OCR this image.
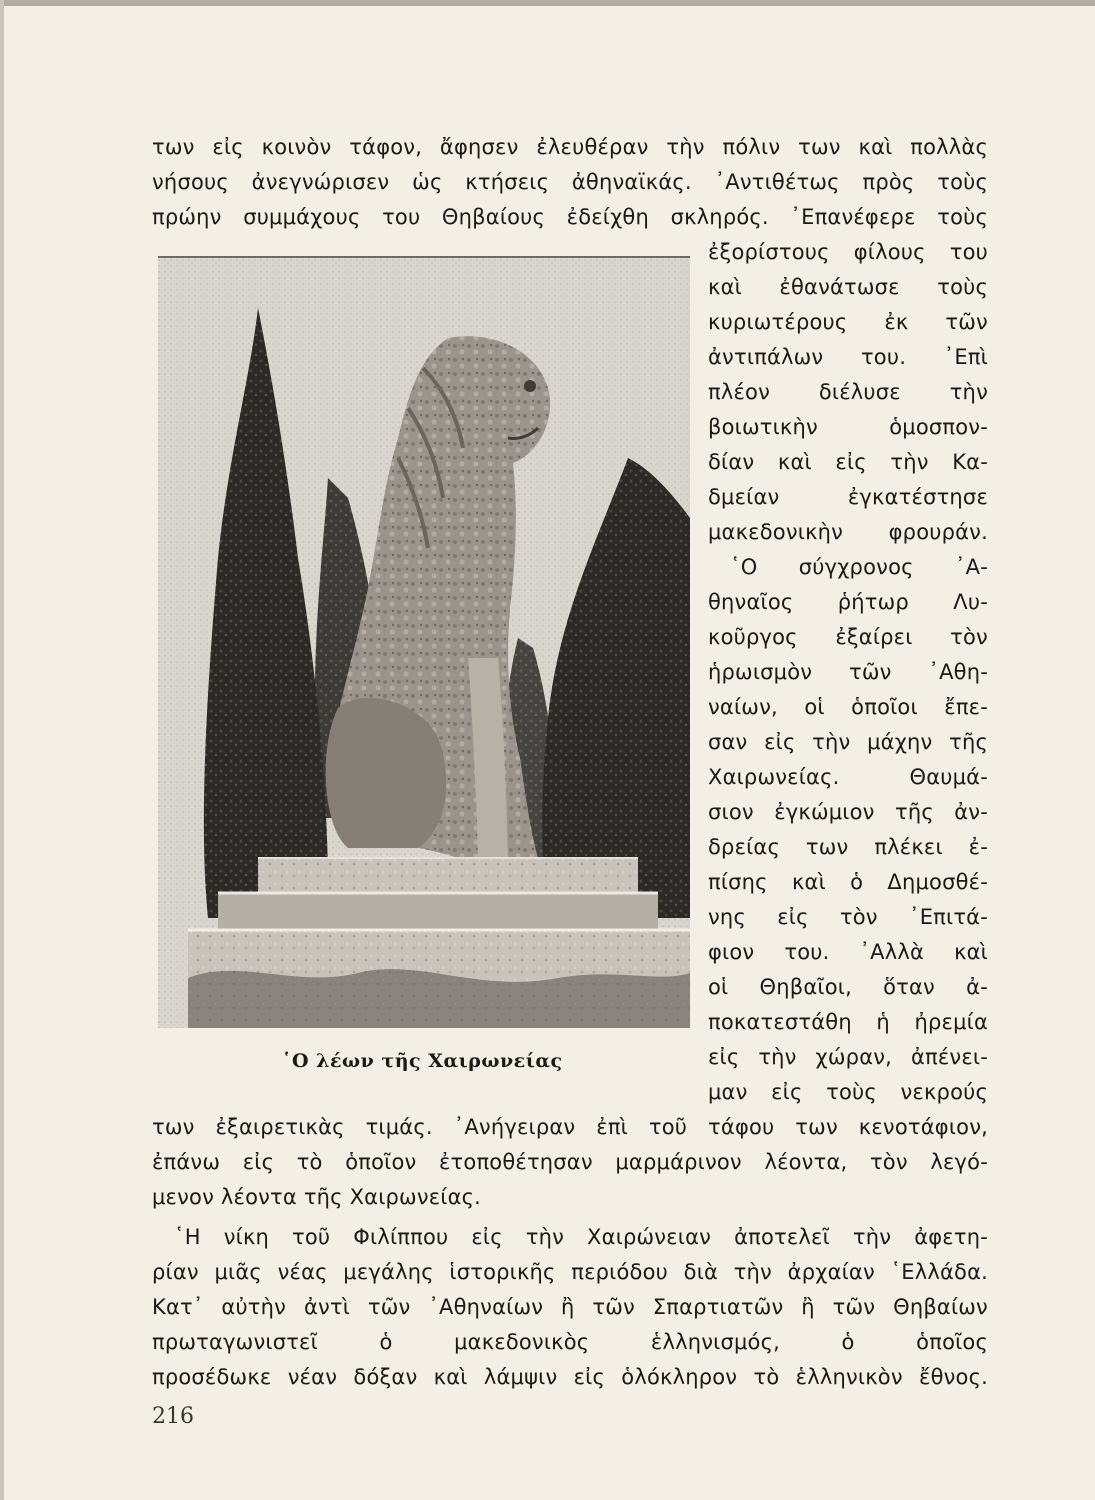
των εἰς κοινὸν τάφον, ἄφησεν ἐλευθέραν τὴν πόλιν των καὶ πολλὰς
νήσους ἀνεγνώρισεν ὡς κτήσεις ἀθηναϊκάς. ᾿Αντιθέτως πρὸς τοὺς
πρώην συμμάχους του Θηβαίους ἐδείχθη σκληρός. ᾿Επανέφερε τοὺς
῾Ο λέων τῆς Χαιρωνείας
ἐξορίστους φίλους του
καὶ ἐθανάτωσε τοὺς
κυριωτέρους ἐκ τῶν
ἀντιπάλων του. ᾿Επὶ
πλέον διέλυσε τὴν
βοιωτικὴν ὁμοσπον-
δίαν καὶ εἰς τὴν Κα-
δμείαν ἐγκατέστησε
μακεδονικὴν φρουράν.
῾Ο σύγχρονος ᾿Α-
θηναῖος ῥήτωρ Λυ-
κοῦργος ἐξαίρει τὸν
ἡρωισμὸν τῶν ᾿Αθη-
ναίων, οἱ ὁποῖοι ἔπε-
σαν εἰς τὴν μάχην τῆς
Χαιρωνείας. Θαυμά-
σιον ἐγκώμιον τῆς ἀν-
δρείας των πλέκει ἐ-
πίσης καὶ ὁ Δημοσθέ-
νης εἰς τὸν ᾿Επιτά-
φιον του. ᾿Αλλὰ καὶ
οἱ Θηβαῖοι, ὅταν ἀ-
ποκατεστάθη ἡ ἠρεμία
εἰς τὴν χώραν, ἀπένει-
μαν εἰς τοὺς νεκρούς
των ἐξαιρετικὰς τιμάς. ᾿Ανήγειραν ἐπὶ τοῦ τάφου των κενοτάφιον,
ἐπάνω εἰς τὸ ὁποῖον ἐτοποθέτησαν μαρμάρινον λέοντα, τὸν λεγό-
μενον λέοντα τῆς Χαιρωνείας.
῾Η νίκη τοῦ Φιλίππου εἰς τὴν Χαιρώνειαν ἀποτελεῖ τὴν ἀφετη-
ρίαν μιᾶς νέας μεγάλης ἱστορικῆς περιόδου διὰ τὴν ἀρχαίαν ῾Ελλάδα.
Κατ᾿ αὐτὴν ἀντὶ τῶν ᾿Αθηναίων ἢ τῶν Σπαρτιατῶν ἢ τῶν Θηβαίων
πρωταγωνιστεῖ ὁ μακεδονικὸς ἑλληνισμός, ὁ ὁποῖος
προσέδωκε νέαν δόξαν καὶ λάμψιν εἰς ὁλόκληρον τὸ ἑλληνικὸν ἔθνος.
216
